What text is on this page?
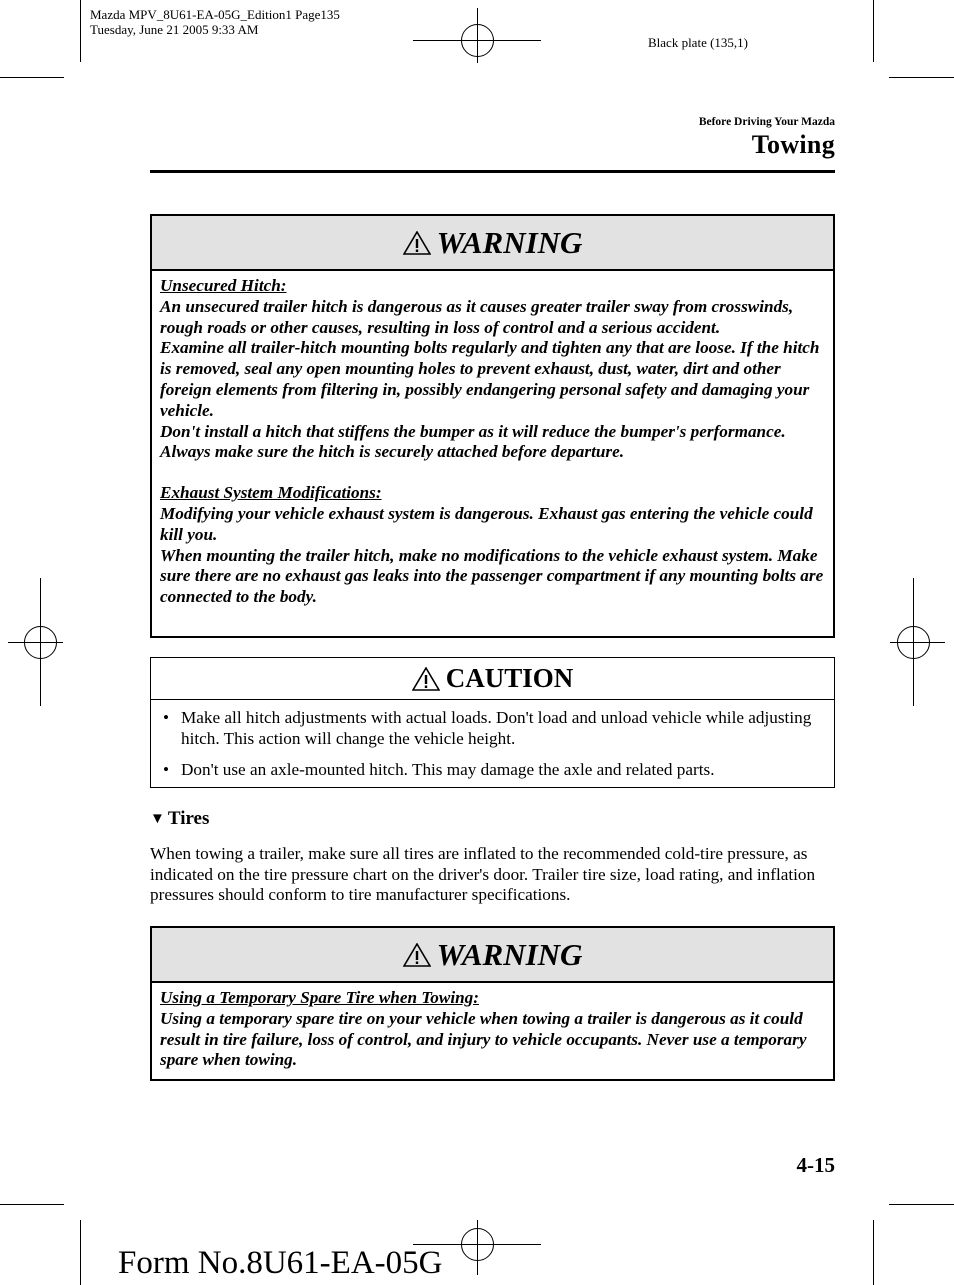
Mazda MPV_8U61-EA-05G_Edition1 Page135
Tuesday, June 21 2005 9:33 AM
Black plate (135,1)
Before Driving Your Mazda
Towing
WARNING

Unsecured Hitch:

An unsecured trailer hitch is dangerous as it causes greater trailer sway from crosswinds, rough roads or other causes, resulting in loss of control and a serious accident.

Examine all trailer-hitch mounting bolts regularly and tighten any that are loose. If the hitch is removed, seal any open mounting holes to prevent exhaust, dust, water, dirt and other foreign elements from filtering in, possibly endangering personal safety and damaging your vehicle.

Don't install a hitch that stiffens the bumper as it will reduce the bumper's performance. Always make sure the hitch is securely attached before departure.

Exhaust System Modifications:

Modifying your vehicle exhaust system is dangerous. Exhaust gas entering the vehicle could kill you.

When mounting the trailer hitch, make no modifications to the vehicle exhaust system. Make sure there are no exhaust gas leaks into the passenger compartment if any mounting bolts are connected to the body.

CAUTION
• Make all hitch adjustments with actual loads. Don't load and unload vehicle while adjusting hitch. This action will change the vehicle height.
• Don't use an axle-mounted hitch. This may damage the axle and related parts.
▼ Tires
When towing a trailer, make sure all tires are inflated to the recommended cold-tire pressure, as indicated on the tire pressure chart on the driver's door. Trailer tire size, load rating, and inflation pressures should conform to tire manufacturer specifications.
WARNING

Using a Temporary Spare Tire when Towing:

Using a temporary spare tire on your vehicle when towing a trailer is dangerous as it could result in tire failure, loss of control, and injury to vehicle occupants. Never use a temporary spare when towing.

4-15
Form No.8U61-EA-05G
